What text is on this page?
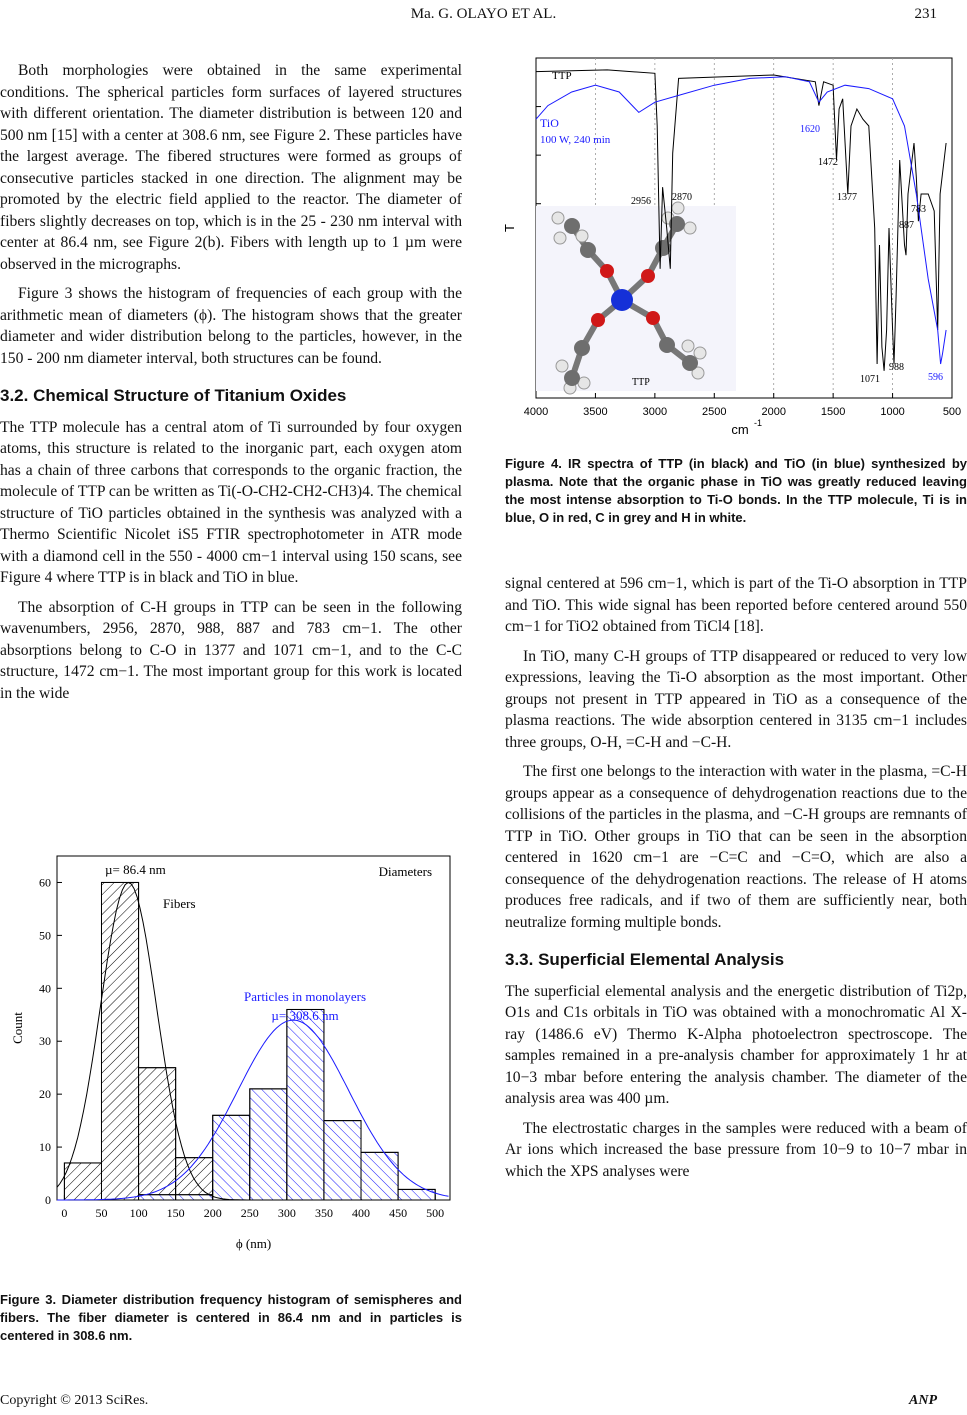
Ma. G. OLAYO ET AL.	231

Both morphologies were obtained in the same experimental conditions. The spherical particles form surfaces of layered structures with different orientation. The diameter distribution is between 120 and 500 nm [15] with a center at 308.6 nm, see Figure 2. These particles have the largest average. The fibered structures were formed as groups of consecutive particles stacked in one direction. The alignment may be promoted by the electric field applied to the reactor. The diameter of fibers slightly decreases on top, which is in the 25 - 230 nm interval with center at 86.4 nm, see Figure 2(b). Fibers with length up to 1 µm were observed in the micrographs.

Figure 3 shows the histogram of frequencies of each group with the arithmetic mean of diameters (ϕ). The histogram shows that the greater diameter and wider distribution belong to the particles, however, in the 150 - 200 nm diameter interval, both structures can be found.

3.2. Chemical Structure of Titanium Oxides

The TTP molecule has a central atom of Ti surrounded by four oxygen atoms, this structure is related to the inorganic part, each oxygen atom has a chain of three carbons that corresponds to the organic fraction, the molecule of TTP can be written as Ti(-O-CH2-CH2-CH3)4. The chemical structure of TiO particles obtained in the synthesis was analyzed with a Thermo Scientific Nicolet iS5 FTIR spectrophotometer in ATR mode with a diamond cell in the 550 - 4000 cm−1 interval using 150 scans, see Figure 4 where TTP is in black and TiO in blue.

The absorption of C-H groups in TTP can be seen in the following wavenumbers, 2956, 2870, 988, 887 and 783 cm−1. The other absorptions belong to C-O in 1377 and 1071 cm−1, and to the C-C structure, 1472 cm−1. The most important group for this work is located in the wide

0
10
20
30
40
50
60
0 50 100 150 200 250 300 350 400 450 500
ϕ (nm)
Count
µ= 86.4 nm
Fibers
Particles in monolayers
µ= 308.6 nm
Diameters
Figure 3. Diameter distribution frequency histogram of semispheres and fibers. The fiber diameter is centered in 86.4 nm and in particles is centered in 308.6 nm.
4000	3500	3000	2500	2000	1500	1000	500
cm -1
T
2956 2870
1472
1377
887
783
988
1071
1620
596
TTP
TiO
100 W, 240 min
TTP
Figure 4. IR spectra of TTP (in black) and TiO (in blue) synthesized by plasma. Note that the organic phase in TiO was greatly reduced leaving the most intense absorption to Ti-O bonds. In the TTP molecule, Ti is in blue, O in red, C in grey and H in white.

signal centered at 596 cm−1, which is part of the Ti-O absorption in TTP and TiO. This wide signal has been reported before centered around 550 cm−1 for TiO2 obtained from TiCl4 [18].

In TiO, many C-H groups of TTP disappeared or reduced to very low expressions, leaving the Ti-O absorption as the most important. Other groups not present in TTP appeared in TiO as a consequence of the plasma reactions. The wide absorption centered in 3135 cm−1 includes three groups, O-H, =C-H and −C-H.

The first one belongs to the interaction with water in the plasma, =C-H groups appear as a consequence of dehydrogenation reactions due to the collisions of the particles in the plasma, and −C-H groups are remnants of TTP in TiO. Other groups in TiO that can be seen in the absorption centered in 1620 cm−1 are −C=C and −C=O, which are also a consequence of the dehydrogenation reactions. The release of H atoms produces free radicals, and if two of them are sufficiently near, both neutralize forming multiple bonds.

3.3. Superficial Elemental Analysis

The superficial elemental analysis and the energetic distribution of Ti2p, O1s and C1s orbitals in TiO was obtained with a monochromatic Al X-ray (1486.6 eV) Thermo K-Alpha photoelectron spectroscope. The samples remained in a pre-analysis chamber for approximately 1 hr at 10−3 mbar before entering the analysis chamber. The diameter of the analysis area was 400 µm.

The electrostatic charges in the samples were reduced with a beam of Ar ions which increased the base pressure from 10−9 to 10−7 mbar in which the XPS analyses were

Copyright © 2013 SciRes.	ANP
